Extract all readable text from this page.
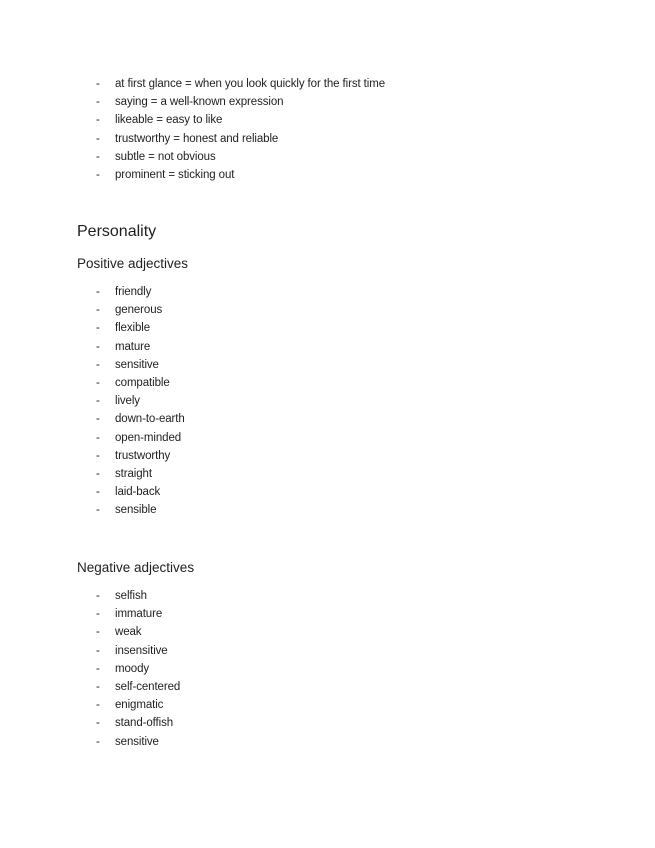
-	at first glance = when you look quickly for the first time
-	saying = a well-known expression
-	likeable = easy to like
-	trustworthy = honest and reliable
-	subtle = not obvious
-	prominent = sticking out
Personality
Positive adjectives
-	friendly
-	generous
-	flexible
-	mature
-	sensitive
-	compatible
-	lively
-	down-to-earth
-	open-minded
-	trustworthy
-	straight
-	laid-back
-	sensible
Negative adjectives
-	selfish
-	immature
-	weak
-	insensitive
-	moody
-	self-centered
-	enigmatic
-	stand-offish
-	sensitive
